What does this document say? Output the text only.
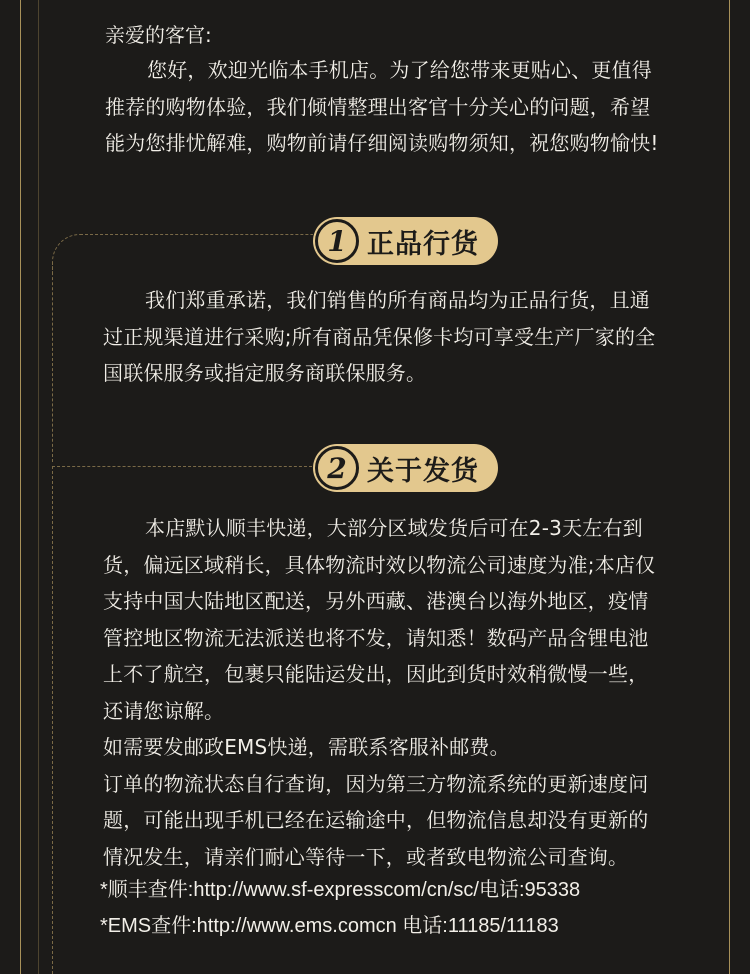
亲爱的客官:
您好，欢迎光临本手机店。为了给您带来更贴心、更值得
推荐的购物体验，我们倾情整理出客官十分关心的问题，希望
能为您排忧解难，购物前请仔细阅读购物须知，祝您购物愉快!
1 正品行货
我们郑重承诺，我们销售的所有商品均为正品行货，且通
过正规渠道进行采购;所有商品凭保修卡均可享受生产厂家的全
国联保服务或指定服务商联保服务。
2 关于发货
本店默认顺丰快递，大部分区域发货后可在2-3天左右到
货，偏远区域稍长，具体物流时效以物流公司速度为准;本店仅
支持中国大陆地区配送，另外西藏、港澳台以海外地区，疫情
管控地区物流无法派送也将不发，请知悉！数码产品含锂电池
上不了航空，包裹只能陆运发出，因此到货时效稍微慢一些，
还请您谅解。
如需要发邮政EMS快递，需联系客服补邮费。
订单的物流状态自行查询，因为第三方物流系统的更新速度问
题，可能出现手机已经在运输途中，但物流信息却没有更新的
情况发生，请亲们耐心等待一下，或者致电物流公司查询。
*顺丰查件:http://www.sf-expresscom/cn/sc/电话:95338
*EMS查件:http://www.ems.comcn 电话:11185/11183
